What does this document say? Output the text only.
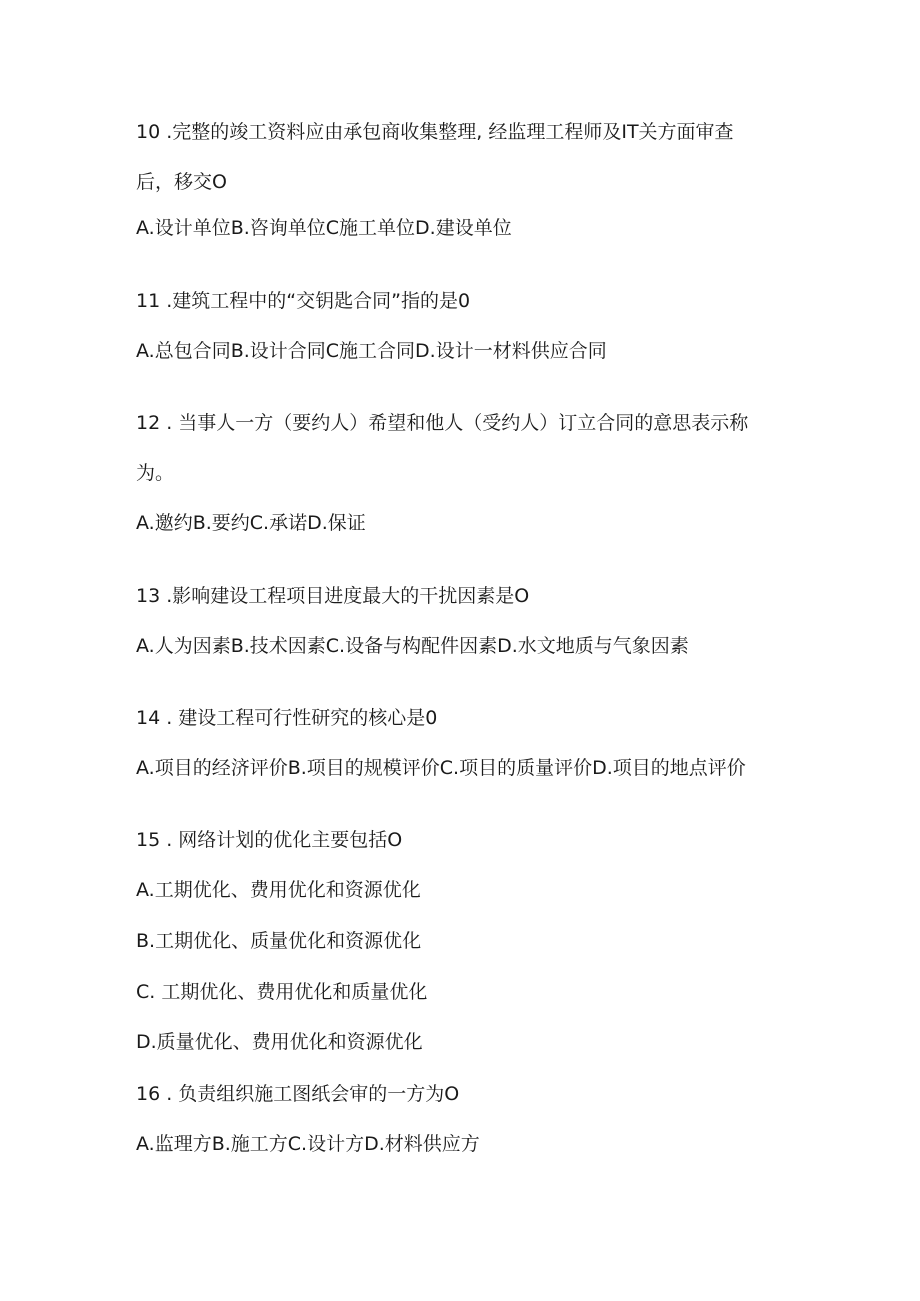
10 .完整的竣工资料应由承包商收集整理, 经监理工程师及IT关方面审查
后，移交O
A.设计单位B.咨询单位C施工单位D.建设单位
11 .建筑工程中的“交钥匙合同”指的是0
A.总包合同B.设计合同C施工合同D.设计一材料供应合同
12 . 当事人一方（要约人）希望和他人（受约人）订立合同的意思表示称
为。
A.邀约B.要约C.承诺D.保证
13 .影响建设工程项目进度最大的干扰因素是O
A.人为因素B.技术因素C.设备与构配件因素D.水文地质与气象因素
14 . 建设工程可行性研究的核心是0
A.项目的经济评价B.项目的规模评价C.项目的质量评价D.项目的地点评价
15 . 网络计划的优化主要包括O
A.工期优化、费用优化和资源优化
B.工期优化、质量优化和资源优化
C. 工期优化、费用优化和质量优化
D.质量优化、费用优化和资源优化
16 . 负责组织施工图纸会审的一方为O
A.监理方B.施工方C.设计方D.材料供应方
